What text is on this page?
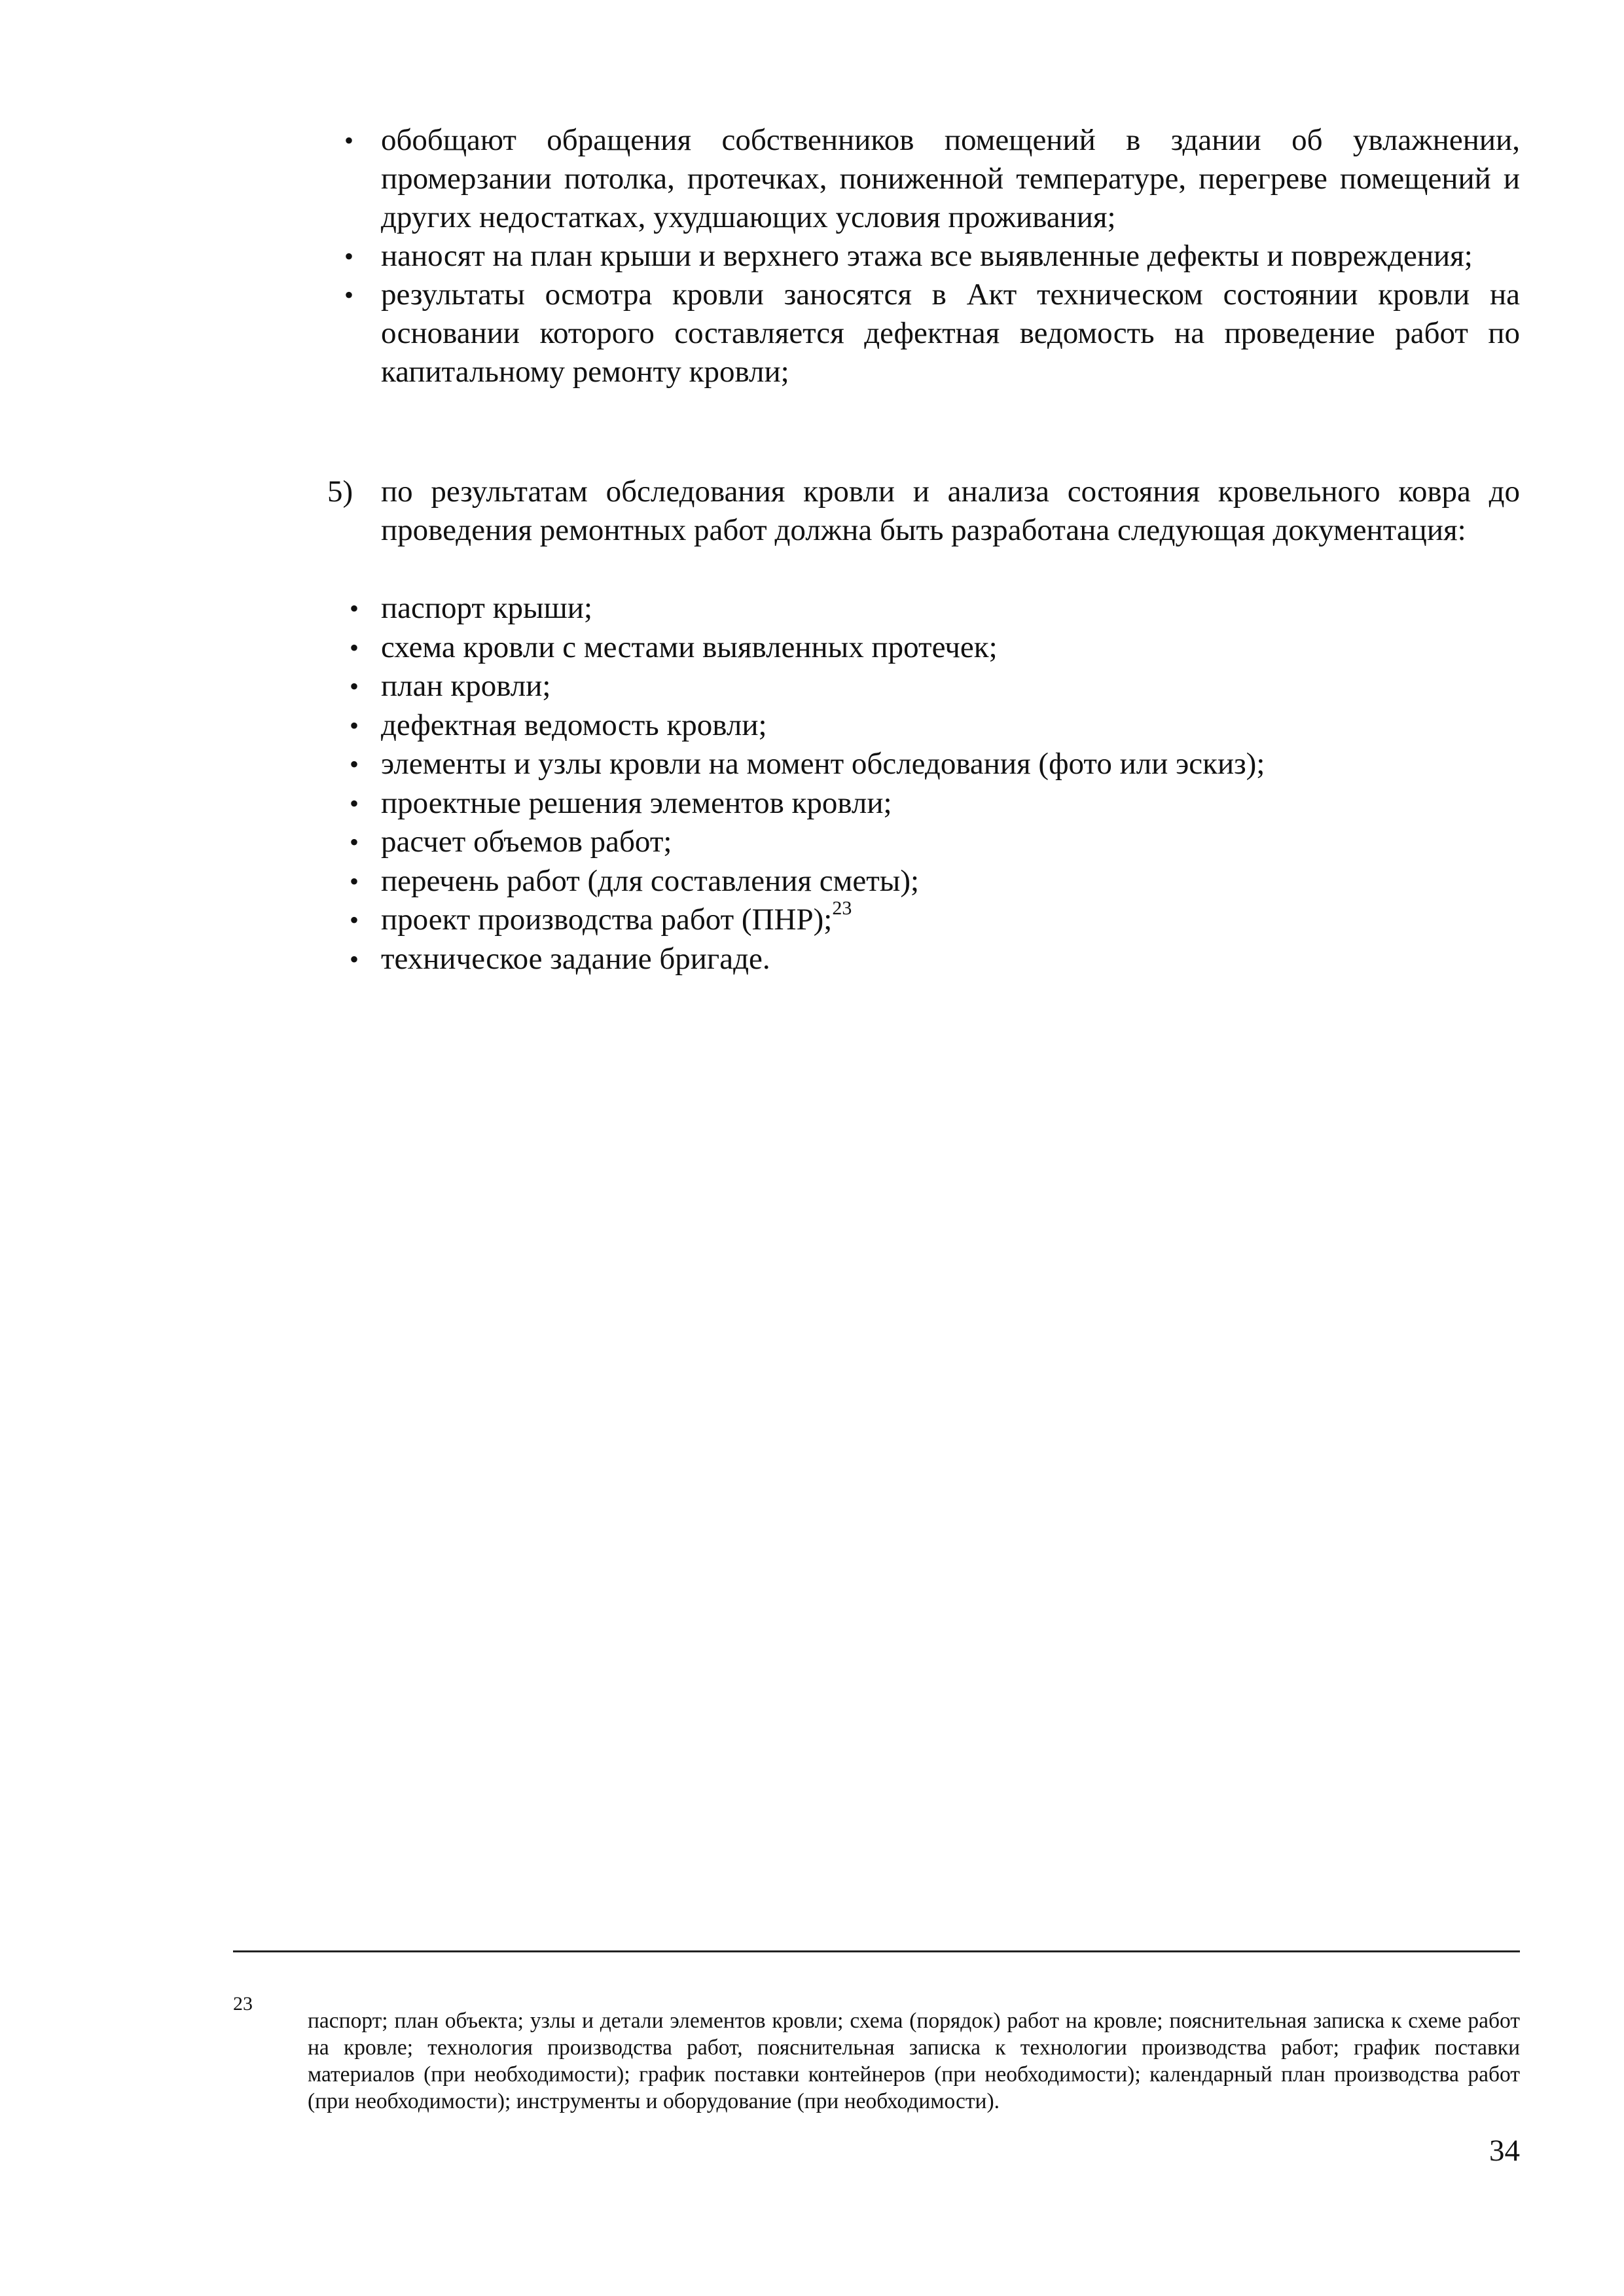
• обобщают обращения собственников помещений в здании об увлажнении, промерзании потолка, протечках, пониженной температуре, перегреве помещений и других недостатках, ухудшающих условия проживания;
• наносят на план крыши и верхнего этажа все выявленные дефекты и повреждения;
• результаты осмотра кровли заносятся в Акт техническом состоянии кровли на основании которого составляется дефектная ведомость на проведение работ по капитальному ремонту кровли;
5) по результатам обследования кровли и анализа состояния кровельного ковра до проведения ремонтных работ должна быть разработана следующая документация:
• паспорт крыши;
• схема кровли с местами выявленных протечек;
• план кровли;
• дефектная ведомость кровли;
• элементы и узлы кровли на момент обследования (фото или эскиз);
• проектные решения элементов кровли;
• расчет объемов работ;
• перечень работ (для составления сметы);
• проект производства работ (ПНР);$^{23}$
• техническое задание бригаде.
23
паспорт; план объекта; узлы и детали элементов кровли; схема (порядок) работ на кровле; пояснительная записка к схеме работ на кровле; технология производства работ, пояснительная записка к технологии производства работ; график поставки материалов (при необходимости); график поставки контейнеров (при необходимости); календарный план производства работ (при необходимости); инструменты и оборудование (при необходимости).
34
